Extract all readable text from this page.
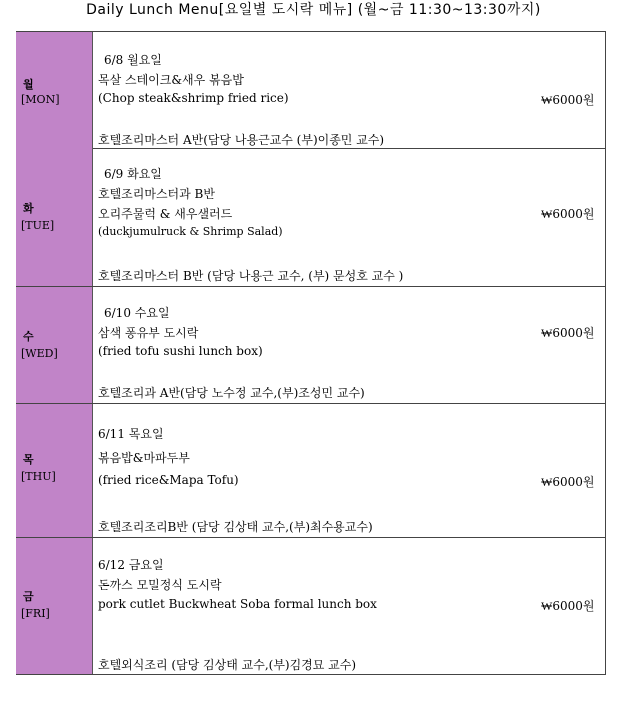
Daily Lunch Menu[요일별 도시락 메뉴] (월~금 11:30~13:30까지)
월
[MON]
6/8 월요일
목살 스테이크&새우 볶음밥
(Chop steak&shrimp fried rice)	₩6000원
호텔조리마스터 A반(담당 나용근교수 (부)이종민 교수)
화
[TUE]
6/9 화요일
호텔조리마스터과 B반
오리주물럭 & 새우샐러드	₩6000원
(duckjumulruck & Shrimp Salad)
호텔조리마스터 B반 (담당 나용근 교수, (부) 문성호 교수 )
수
[WED]
6/10 수요일
삼색 퐁유부 도시락	₩6000원
(fried tofu sushi lunch box)
호텔조리과 A반(담당 노수정 교수,(부)조성민 교수)
목
[THU]
6/11 목요일
볶음밥&마파두부
(fried rice&Mapa Tofu)	₩6000원
호텔조리조리B반 (담당 김상태 교수,(부)최수용교수)
금
[FRI]
6/12 금요일
돈까스 모밀정식 도시락
pork cutlet Buckwheat Soba formal lunch box	₩6000원
호텔외식조리 (담당 김상태 교수,(부)김경묘 교수)
